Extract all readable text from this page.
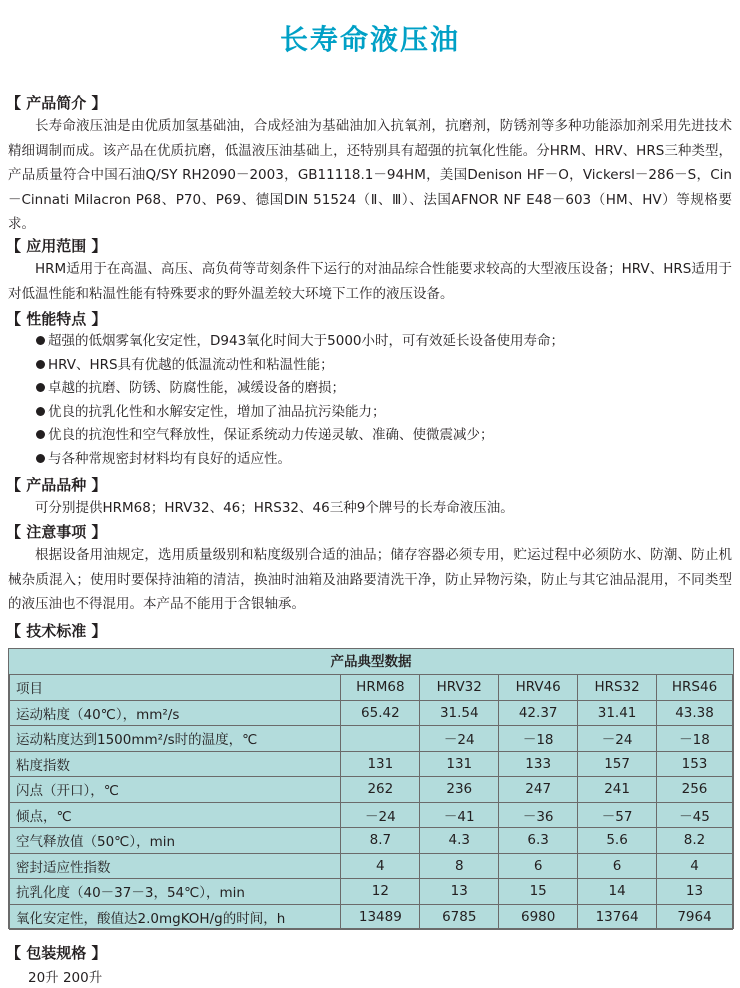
长寿命液压油
【 产品简介 】
长寿命液压油是由优质加氢基础油，合成烃油为基础油加入抗氧剂，抗磨剂，防锈剂等多种功能添加剂采用先进技术精细调制而成。该产品在优质抗磨，低温液压油基础上，还特别具有超强的抗氧化性能。分HRM、HRV、HRS三种类型，产品质量符合中国石油Q/SY RH2090－2003，GB11118.1－94HM，美国Denison HF－O，Vickersl－286－S，Cin－Cinnati Milacron P68、P70、P69、德国DIN 51524（Ⅱ、Ⅲ）、法国AFNOR NF E48－603（HM、HV）等规格要求。
【 应用范围 】
HRM适用于在高温、高压、高负荷等苛刻条件下运行的对油品综合性能要求较高的大型液压设备；HRV、HRS适用于对低温性能和粘温性能有特殊要求的野外温差较大环境下工作的液压设备。
【 性能特点 】
超强的低烟雾氧化安定性，D943氧化时间大于5000小时，可有效延长设备使用寿命；
HRV、HRS具有优越的低温流动性和粘温性能；
卓越的抗磨、防锈、防腐性能，减缓设备的磨损；
优良的抗乳化性和水解安定性，增加了油品抗污染能力；
优良的抗泡性和空气释放性，保证系统动力传递灵敏、准确、使微震减少；
与各种常规密封材料均有良好的适应性。
【 产品品种 】
可分别提供HRM68；HRV32、46；HRS32、46三种9个牌号的长寿命液压油。
【 注意事项 】
根据设备用油规定，选用质量级别和粘度级别合适的油品；储存容器必须专用，贮运过程中必须防水、防潮、防止机械杂质混入；使用时要保持油箱的清洁，换油时油箱及油路要清洗干净，防止异物污染，防止与其它油品混用，不同类型的液压油也不得混用。本产品不能用于含银轴承。
【 技术标准 】
产品典型数据
项目	HRM68	HRV32	HRV46	HRS32	HRS46
运动粘度（40℃），mm²/s	65.42	31.54	42.37	31.41	43.38
运动粘度达到1500mm²/s时的温度，℃		－24	－18	－24	－18
粘度指数	131	131	133	157	153
闪点（开口），℃	262	236	247	241	256
倾点，℃	－24	－41	－36	－57	－45
空气释放值（50℃），min	8.7	4.3	6.3	5.6	8.2
密封适应性指数	4	8	6	6	4
抗乳化度（40－37－3，54℃），min	12	13	15	14	13
氧化安定性，酸值达2.0mgKOH/g的时间，h	13489	6785	6980	13764	7964
【 包装规格 】
20升 200升
